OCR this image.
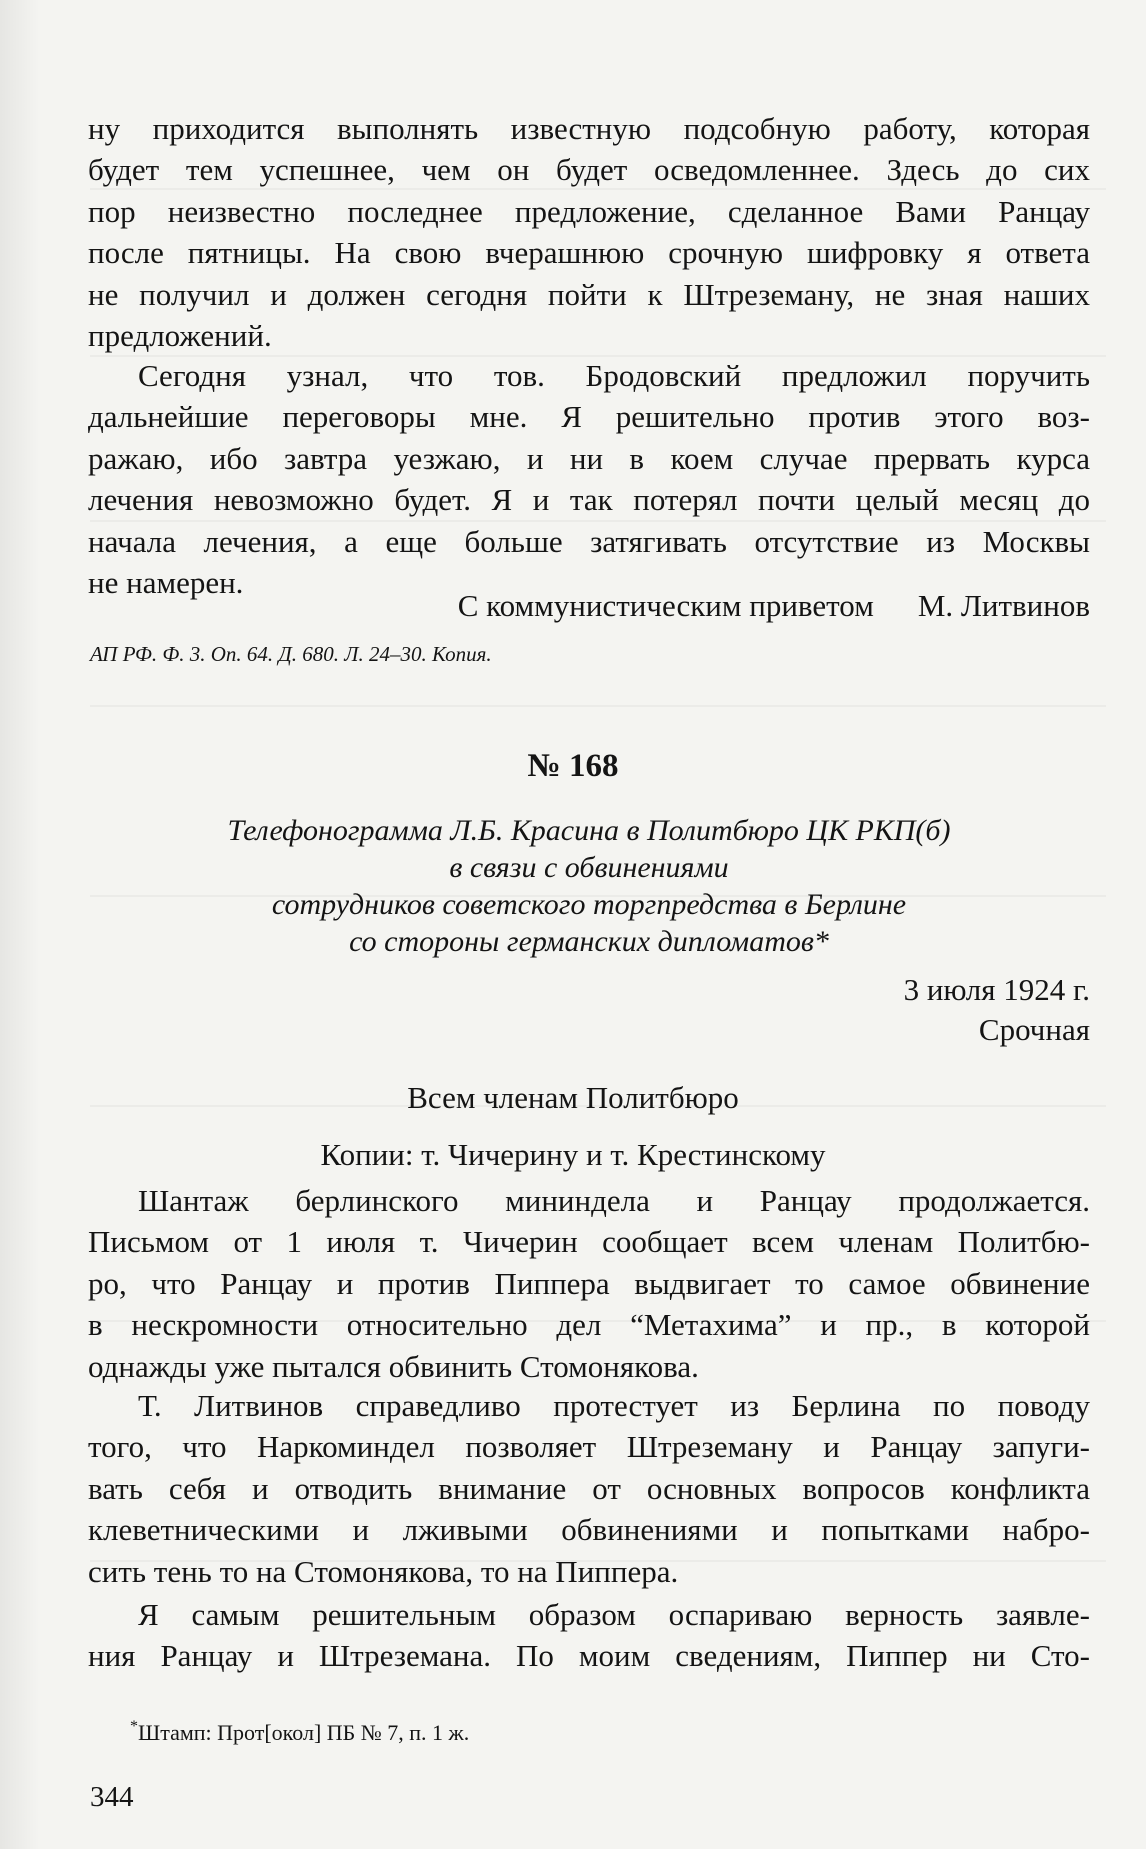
ну приходится выполнять известную подсобную работу, которая
будет тем успешнее, чем он будет осведомленнее. Здесь до сих
пор неизвестно последнее предложение, сделанное Вами Ранцау
после пятницы. На свою вчерашнюю срочную шифровку я ответа
не получил и должен сегодня пойти к Штреземану, не зная наших
предложений.

Сегодня узнал, что тов. Бродовский предложил поручить
дальнейшие переговоры мне. Я решительно против этого воз-
ражаю, ибо завтра уезжаю, и ни в коем случае прервать курса
лечения невозможно будет. Я и так потерял почти целый месяц до
начала лечения, а еще больше затягивать отсутствие из Москвы
не намерен.

С коммунистическим приветом М. Литвинов
АП РФ. Ф. 3. Оп. 64. Д. 680. Л. 24–30. Копия.
№ 168
Телефонограмма Л.Б. Красина в Политбюро ЦК РКП(б)
в связи с обвинениями
сотрудников советского торгпредства в Берлине
со стороны германских дипломатов*
3 июля 1924 г.
Срочная
Всем членам Политбюро
Копии: т. Чичерину и т. Крестинскому

Шантаж берлинского мининдела и Ранцау продолжается.
Письмом от 1 июля т. Чичерин сообщает всем членам Политбю-
ро, что Ранцау и против Пиппера выдвигает то самое обвинение
в нескромности относительно дел “Метахима” и пр., в которой
однажды уже пытался обвинить Стомонякова.

Т. Литвинов справедливо протестует из Берлина по поводу
того, что Наркоминдел позволяет Штреземану и Ранцау запуги-
вать себя и отводить внимание от основных вопросов конфликта
клеветническими и лживыми обвинениями и попытками набро-
сить тень то на Стомонякова, то на Пиппера.

Я самым решительным образом оспариваю верность заявле-
ния Ранцау и Штреземана. По моим сведениям, Пиппер ни Сто-

* Штамп: Прот[окол] ПБ № 7, п. 1 ж.
344
